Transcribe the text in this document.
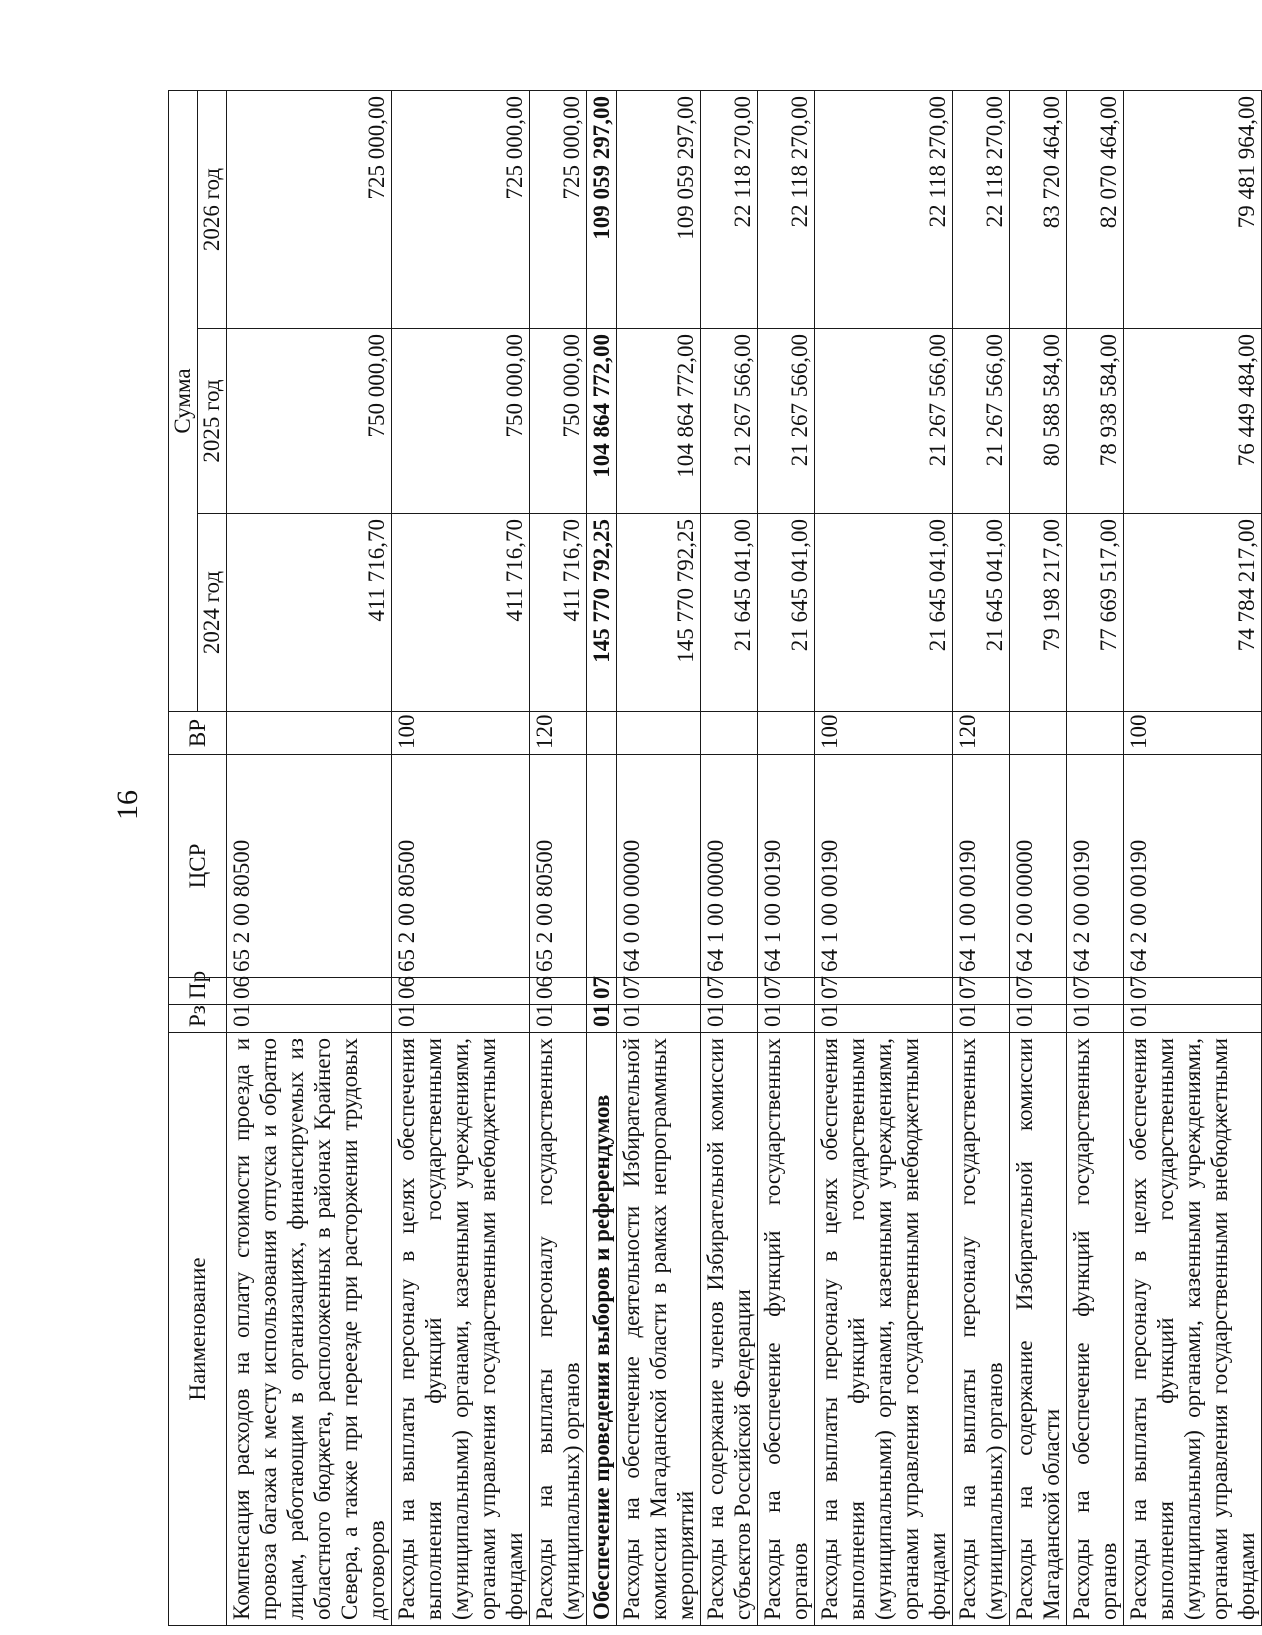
16
Наименование	Рз	Пр	ЦСР	ВР	Сумма		
					2024 год	2025 год	2026 год
Компенсация расходов на оплату стоимости проезда и провоза багажа к месту использования отпуска и обратно лицам, работающим в организациях, финансируемых из областного бюджета, расположенных в районах Крайнего Севера, а также при переезде при расторжении трудовых договоров	01	06	65 2 00 80500		411 716,70	750 000,00	725 000,00
Расходы на выплаты персоналу в целях обеспечения выполнения функций государственными (муниципальными) органами, казенными учреждениями, органами управления государственными внебюджетными фондами	01	06	65 2 00 80500	100	411 716,70	750 000,00	725 000,00
Расходы на выплаты персоналу государственных (муниципальных) органов	01	06	65 2 00 80500	120	411 716,70	750 000,00	725 000,00
Обеспечение проведения выборов и референдумов	01	07			145 770 792,25	104 864 772,00	109 059 297,00
Расходы на обеспечение деятельности Избирательной комиссии Магаданской области в рамках непрограммных мероприятий	01	07	64 0 00 00000		145 770 792,25	104 864 772,00	109 059 297,00
Расходы на содержание членов Избирательной комиссии субъектов Российской Федерации	01	07	64 1 00 00000		21 645 041,00	21 267 566,00	22 118 270,00
Расходы на обеспечение функций государственных органов	01	07	64 1 00 00190		21 645 041,00	21 267 566,00	22 118 270,00
Расходы на выплаты персоналу в целях обеспечения выполнения функций государственными (муниципальными) органами, казенными учреждениями, органами управления государственными внебюджетными фондами	01	07	64 1 00 00190	100	21 645 041,00	21 267 566,00	22 118 270,00
Расходы на выплаты персоналу государственных (муниципальных) органов	01	07	64 1 00 00190	120	21 645 041,00	21 267 566,00	22 118 270,00
Расходы на содержание Избирательной комиссии Магаданской области	01	07	64 2 00 00000		79 198 217,00	80 588 584,00	83 720 464,00
Расходы на обеспечение функций государственных органов	01	07	64 2 00 00190		77 669 517,00	78 938 584,00	82 070 464,00
Расходы на выплаты персоналу в целях обеспечения выполнения функций государственными (муниципальными) органами, казенными учреждениями, органами управления государственными внебюджетными фондами	01	07	64 2 00 00190	100	74 784 217,00	76 449 484,00	79 481 964,00
